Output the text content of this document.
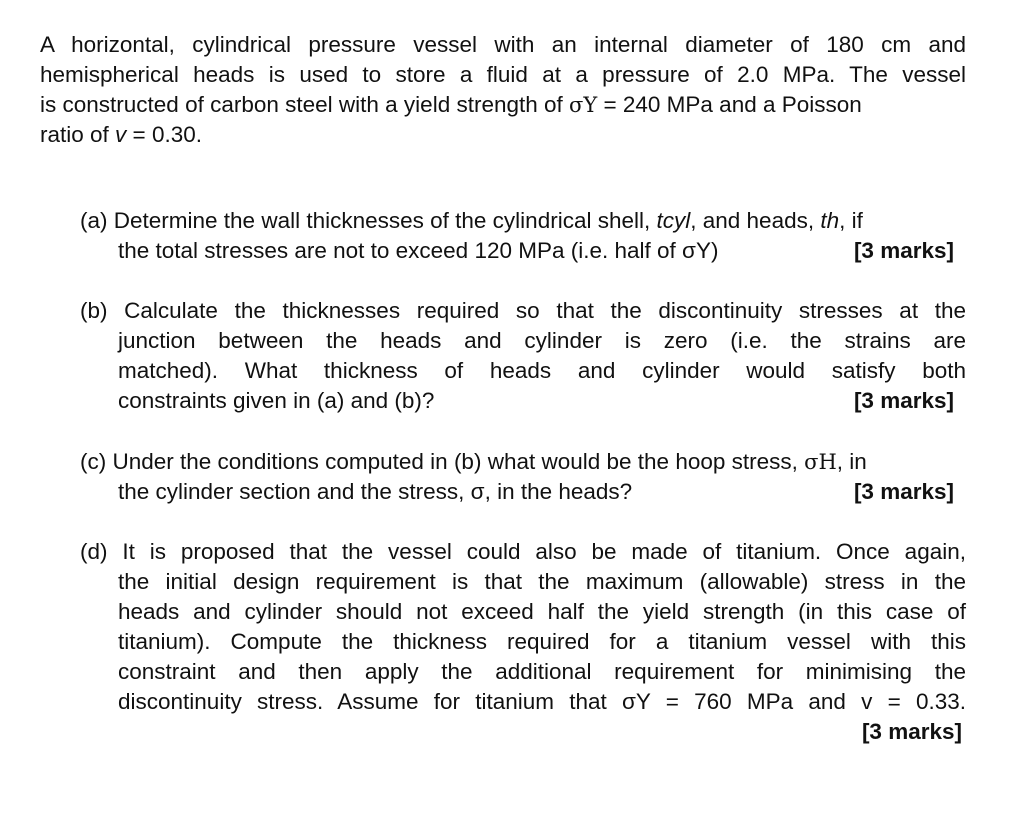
A horizontal, cylindrical pressure vessel with an internal diameter of 180 cm and
hemispherical heads is used to store a fluid at a pressure of 2.0 MPa. The vessel
is constructed of carbon steel with a yield strength of σY = 240 MPa and a Poisson
ratio of v = 0.30.
(a) Determine the wall thicknesses of the cylindrical shell, tcyl, and heads, th, if
the total stresses are not to exceed 120 MPa (i.e. half of σY)	[3 marks]
(b) Calculate the thicknesses required so that the discontinuity stresses at the
junction between the heads and cylinder is zero (i.e. the strains are
matched). What thickness of heads and cylinder would satisfy both
constraints given in (a) and (b)?	[3 marks]
(c) Under the conditions computed in (b) what would be the hoop stress, σH, in
the cylinder section and the stress, σ, in the heads?	[3 marks]
(d) It is proposed that the vessel could also be made of titanium. Once again,
the initial design requirement is that the maximum (allowable) stress in the
heads and cylinder should not exceed half the yield strength (in this case of
titanium). Compute the thickness required for a titanium vessel with this
constraint and then apply the additional requirement for minimising the
discontinuity stress. Assume for titanium that σY = 760 MPa and v = 0.33.
[3 marks]
